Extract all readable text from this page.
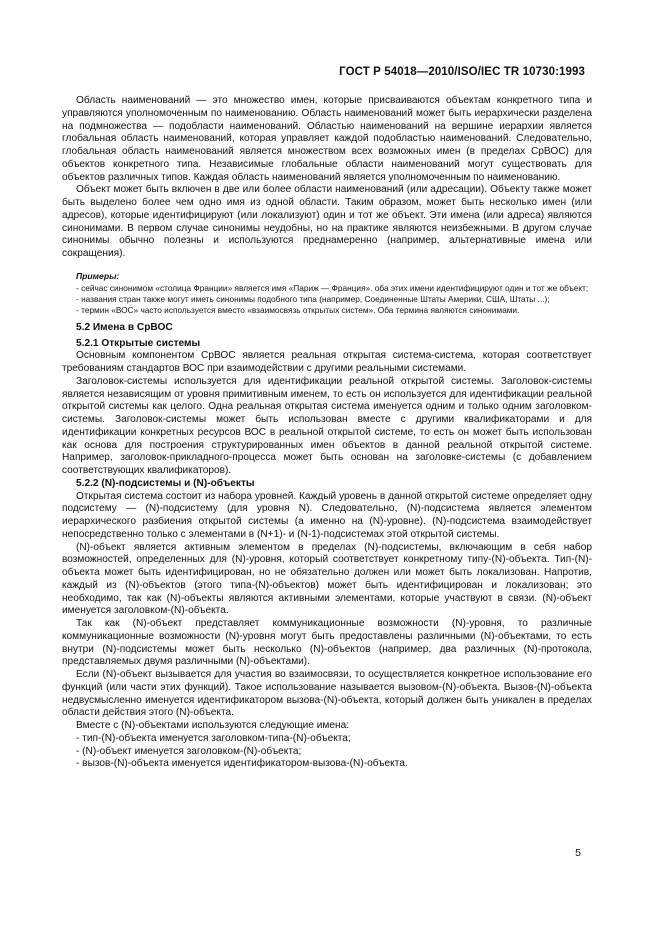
ГОСТ Р 54018—2010/ISO/IEC TR 10730:1993

Область наименований — это множество имен, которые присваиваются объектам конкретного типа и управляются уполномоченным по наименованию. Область наименований может быть иерархически разделена на подмножества — подобласти наименований. Областью наименований на вершине иерархии является глобальная область наименований, которая управляет каждой подобластью наименований. Следовательно, глобальная область наименований является множеством всех возможных имен (в пределах СрВОС) для объектов конкретного типа. Независимые глобальные области наименований могут существовать для объектов различных типов. Каждая область наименований является уполномоченным по наименованию.

Объект может быть включен в две или более области наименований (или адресации). Объекту также может быть выделено более чем одно имя из одной области. Таким образом, может быть несколько имен (или адресов), которые идентифицируют (или локализуют) один и тот же объект. Эти имена (или адреса) являются синонимами. В первом случае синонимы неудобны, но на практике являются неизбежными. В другом случае синонимы обычно полезны и используются преднамеренно (например, альтернативные имена или сокращения).

Примеры:

- сейчас синонимом «столица Франции» является имя «Париж — Франция». оба этих имени идентифицируют один и тот же объект;

- названия стран также могут иметь синонимы подобного типа (например, Соединенные Штаты Америки, США, Штаты ...);

- термин «ВОС» часто используется вместо «взаимосвязь открытых систем». Оба термина являются синонимами.

5.2 Имена в СрВОС
5.2.1 Открытые системы

Основным компонентом СрВОС является реальная открытая система-система, которая соответствует требованиям стандартов ВОС при взаимодействии с другими реальными системами.

Заголовок-системы используется для идентификации реальной открытой системы. Заголовок-системы является независящим от уровня примитивным именем, то есть он используется для идентификации реальной открытой системы как целого. Одна реальная открытая система именуется одним и только одним заголовком-системы. Заголовок-системы может быть использован вместе с другими квалификаторами и для идентификации конкретных ресурсов ВОС в реальной открытой системе, то есть он может быть использован как основа для построения структурированных имен объектов в данной реальной открытой системе. Например, заголовок-прикладного-процесса может быть основан на заголовке-системы (с добавлением соответствующих квалификаторов).

5.2.2 (N)-подсистемы и (N)-объекты

Открытая система состоит из набора уровней. Каждый уровень в данной открытой системе определяет одну подсистему — (N)-подсистему (для уровня N). Следовательно, (N)-подсистема является элементом иерархического разбиения открытой системы (а именно на (N)-уровне). (N)-подсистема взаимодействует непосредственно только с элементами в (N+1)- и (N-1)-подсистемах этой открытой системы.

(N)-объект является активным элементом в пределах (N)-подсистемы, включающим в себя набор возможностей, определенных для (N)-уровня, который соответствует конкретному типу-(N)-объекта. Тип-(N)-объекта может быть идентифицирован, но не обязательно должен или может быть локализован. Напротив, каждый из (N)-объектов (этого типа-(N)-объектов) может быть идентифицирован и локализован; это необходимо, так как (N)-объекты являются активными элементами, которые участвуют в связи. (N)-объект именуется заголовком-(N)-объекта.

Так как (N)-объект представляет коммуникационные возможности (N)-уровня, то различные коммуникационные возможности (N)-уровня могут быть предоставлены различными (N)-объектами, то есть внутри (N)-подсистемы может быть несколько (N)-объектов (например, два различных (N)-протокола, представляемых двумя различными (N)-объектами).

Если (N)-объект вызывается для участия во взаимосвязи, то осуществляется конкретное использование его функций (или части этих функций). Такое использование называется вызовом-(N)-объекта. Вызов-(N)-объекта недвусмысленно именуется идентификатором вызова-(N)-объекта, который должен быть уникален в пределах области действия этого (N)-объекта.

Вместе с (N)-объектами используются следующие имена:

- тип-(N)-объекта именуется заголовком-типа-(N)-объекта;
- (N)-объект именуется заголовком-(N)-объекта;
- вызов-(N)-объекта именуется идентификатором-вызова-(N)-объекта.
5
